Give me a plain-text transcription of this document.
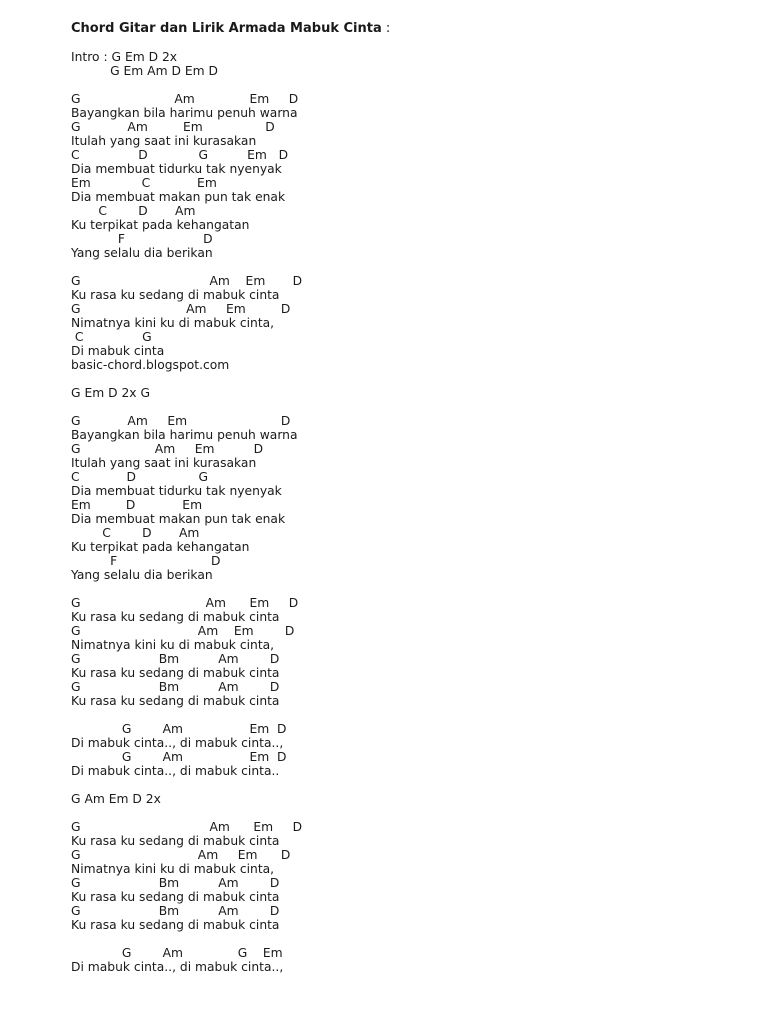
Chord Gitar dan Lirik Armada Mabuk Cinta :
Intro : G Em D 2x
G Em Am D Em D
G                        Am              Em     D
Bayangkan bila harimu penuh warna
G            Am         Em                D
Itulah yang saat ini kurasakan
C               D             G          Em   D
Dia membuat tidurku tak nyenyak
Em             C            Em
Dia membuat makan pun tak enak
C        D       Am
Ku terpikat pada kehangatan
F                    D
Yang selalu dia berikan
G                                 Am    Em       D
Ku rasa ku sedang di mabuk cinta
G                           Am     Em         D
Nimatnya kini ku di mabuk cinta,
C               G
Di mabuk cinta
basic-chord.blogspot.com
G Em D 2x G
G            Am     Em                        D
Bayangkan bila harimu penuh warna
G                   Am     Em          D
Itulah yang saat ini kurasakan
C            D                G
Dia membuat tidurku tak nyenyak
Em         D            Em
Dia membuat makan pun tak enak
C        D       Am
Ku terpikat pada kehangatan
F                        D
Yang selalu dia berikan
G                                Am      Em     D
Ku rasa ku sedang di mabuk cinta
G                              Am    Em        D
Nimatnya kini ku di mabuk cinta,
G                    Bm          Am        D
Ku rasa ku sedang di mabuk cinta
G                    Bm          Am        D
Ku rasa ku sedang di mabuk cinta
G        Am                 Em  D
Di mabuk cinta.., di mabuk cinta..,
G        Am                 Em  D
Di mabuk cinta.., di mabuk cinta..
G Am Em D 2x
G                                 Am      Em     D
Ku rasa ku sedang di mabuk cinta
G                              Am     Em      D
Nimatnya kini ku di mabuk cinta,
G                    Bm          Am        D
Ku rasa ku sedang di mabuk cinta
G                    Bm          Am        D
Ku rasa ku sedang di mabuk cinta
G        Am              G    Em
Di mabuk cinta.., di mabuk cinta..,
